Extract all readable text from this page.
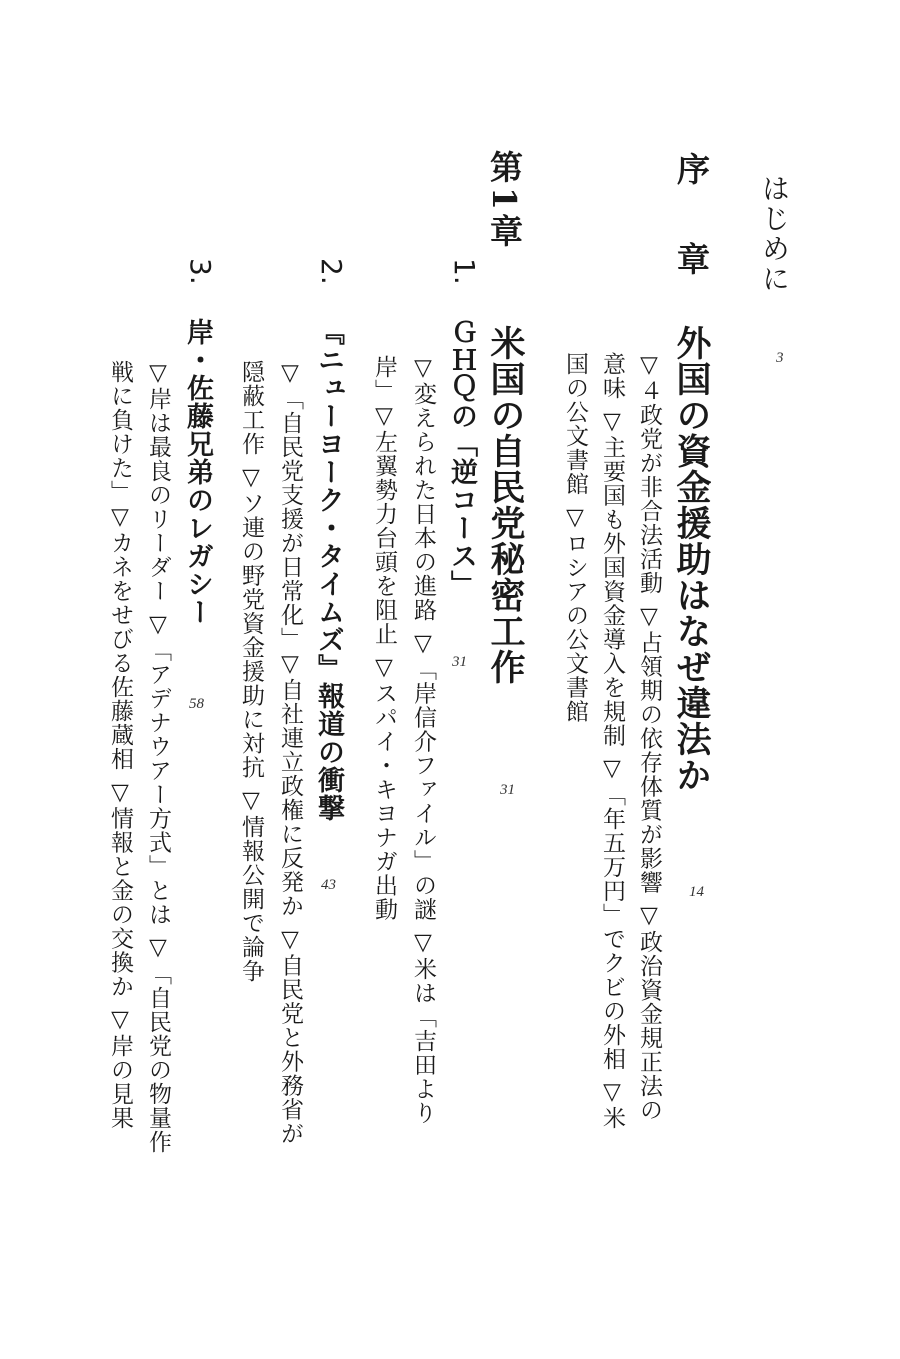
はじめに
3
序　章
外国の資金援助はなぜ違法か
14
▽４政党が非合法活動 ▽占領期の依存体質が影響 ▽政治資金規正法の
意味 ▽主要国も外国資金導入を規制 ▽「年五万円」でクビの外相 ▽米
国の公文書館 ▽ロシアの公文書館
第1章
米国の自民党秘密工作
31
1.
ＧＨＱの「逆コース」
31
▽変えられた日本の進路 ▽「岸信介ファイル」の謎 ▽米は「吉田より
岸」▽左翼勢力台頭を阻止 ▽スパイ・キヨナガ出動
2.
『ニューヨーク・タイムズ』報道の衝撃
43
▽「自民党支援が日常化」▽自社連立政権に反発か ▽自民党と外務省が
隠蔽工作 ▽ソ連の野党資金援助に対抗 ▽情報公開で論争
3.
岸・佐藤兄弟のレガシー
58
▽岸は最良のリーダー ▽「アデナウアー方式」とは ▽「自民党の物量作
戦に負けた」▽カネをせびる佐藤蔵相 ▽情報と金の交換か ▽岸の見果
